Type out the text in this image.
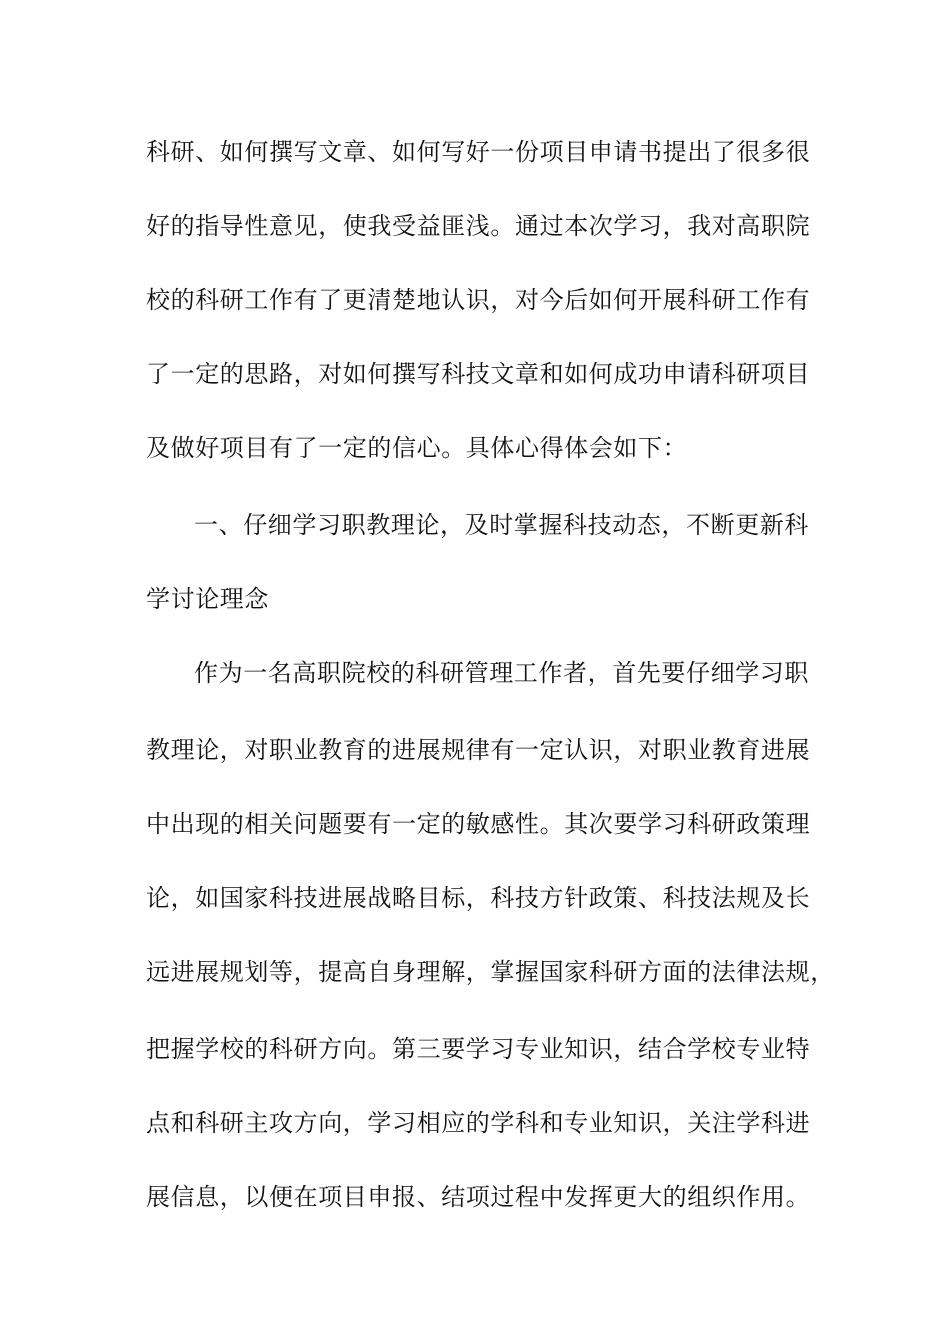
科研、如何撰写文章、如何写好一份项目申请书提出了很多很
好的指导性意见，使我受益匪浅。通过本次学习，我对高职院
校的科研工作有了更清楚地认识，对今后如何开展科研工作有
了一定的思路，对如何撰写科技文章和如何成功申请科研项目
及做好项目有了一定的信心。具体心得体会如下：
一、仔细学习职教理论，及时掌握科技动态，不断更新科
学讨论理念
作为一名高职院校的科研管理工作者，首先要仔细学习职
教理论，对职业教育的进展规律有一定认识，对职业教育进展
中出现的相关问题要有一定的敏感性。其次要学习科研政策理
论，如国家科技进展战略目标，科技方针政策、科技法规及长
远进展规划等，提高自身理解，掌握国家科研方面的法律法规，
把握学校的科研方向。第三要学习专业知识，结合学校专业特
点和科研主攻方向，学习相应的学科和专业知识，关注学科进
展信息，以便在项目申报、结项过程中发挥更大的组织作用。
